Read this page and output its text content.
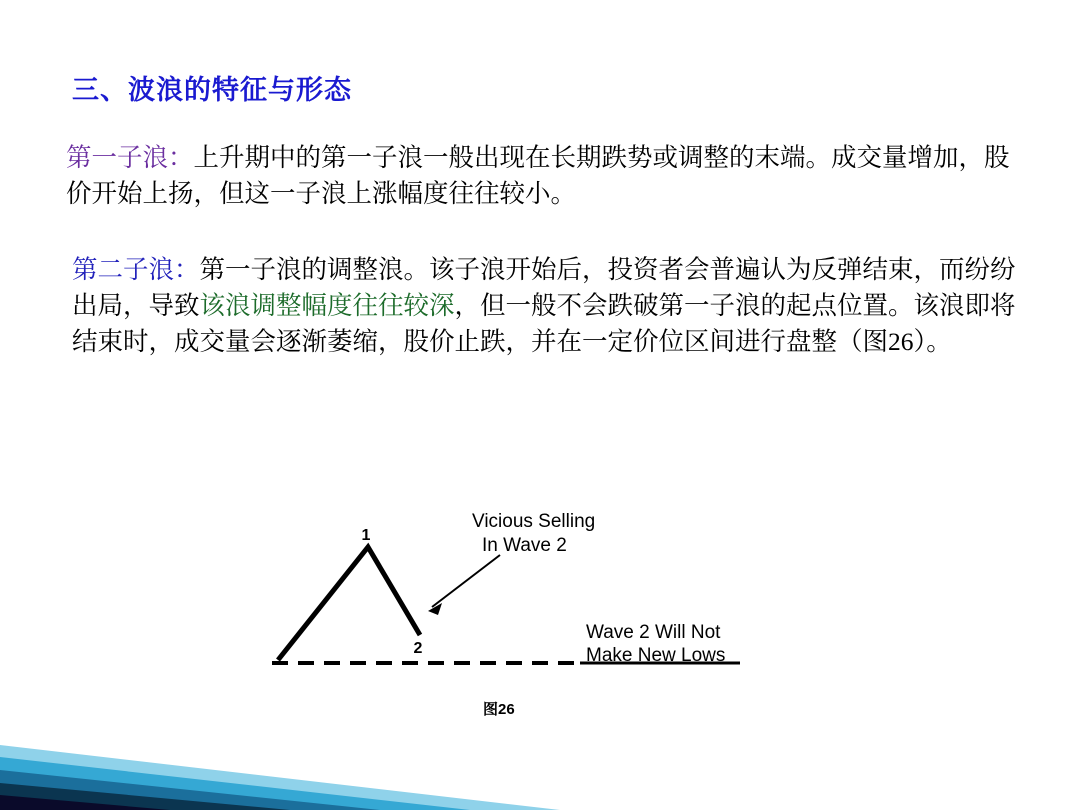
三、波浪的特征与形态
第一子浪：上升期中的第一子浪一般出现在长期跌势或调整的末端。成交量增加，股价开始上扬，但这一子浪上涨幅度往往较小。
第二子浪：第一子浪的调整浪。该子浪开始后，投资者会普遍认为反弹结束，而纷纷出局，导致该浪调整幅度往往较深，但一般不会跌破第一子浪的起点位置。该浪即将结束时，成交量会逐渐萎缩，股价止跌，并在一定价位区间进行盘整（图26）。
1
2
Vicious Selling
In Wave 2
Wave 2 Will Not
Make New Lows
图26
